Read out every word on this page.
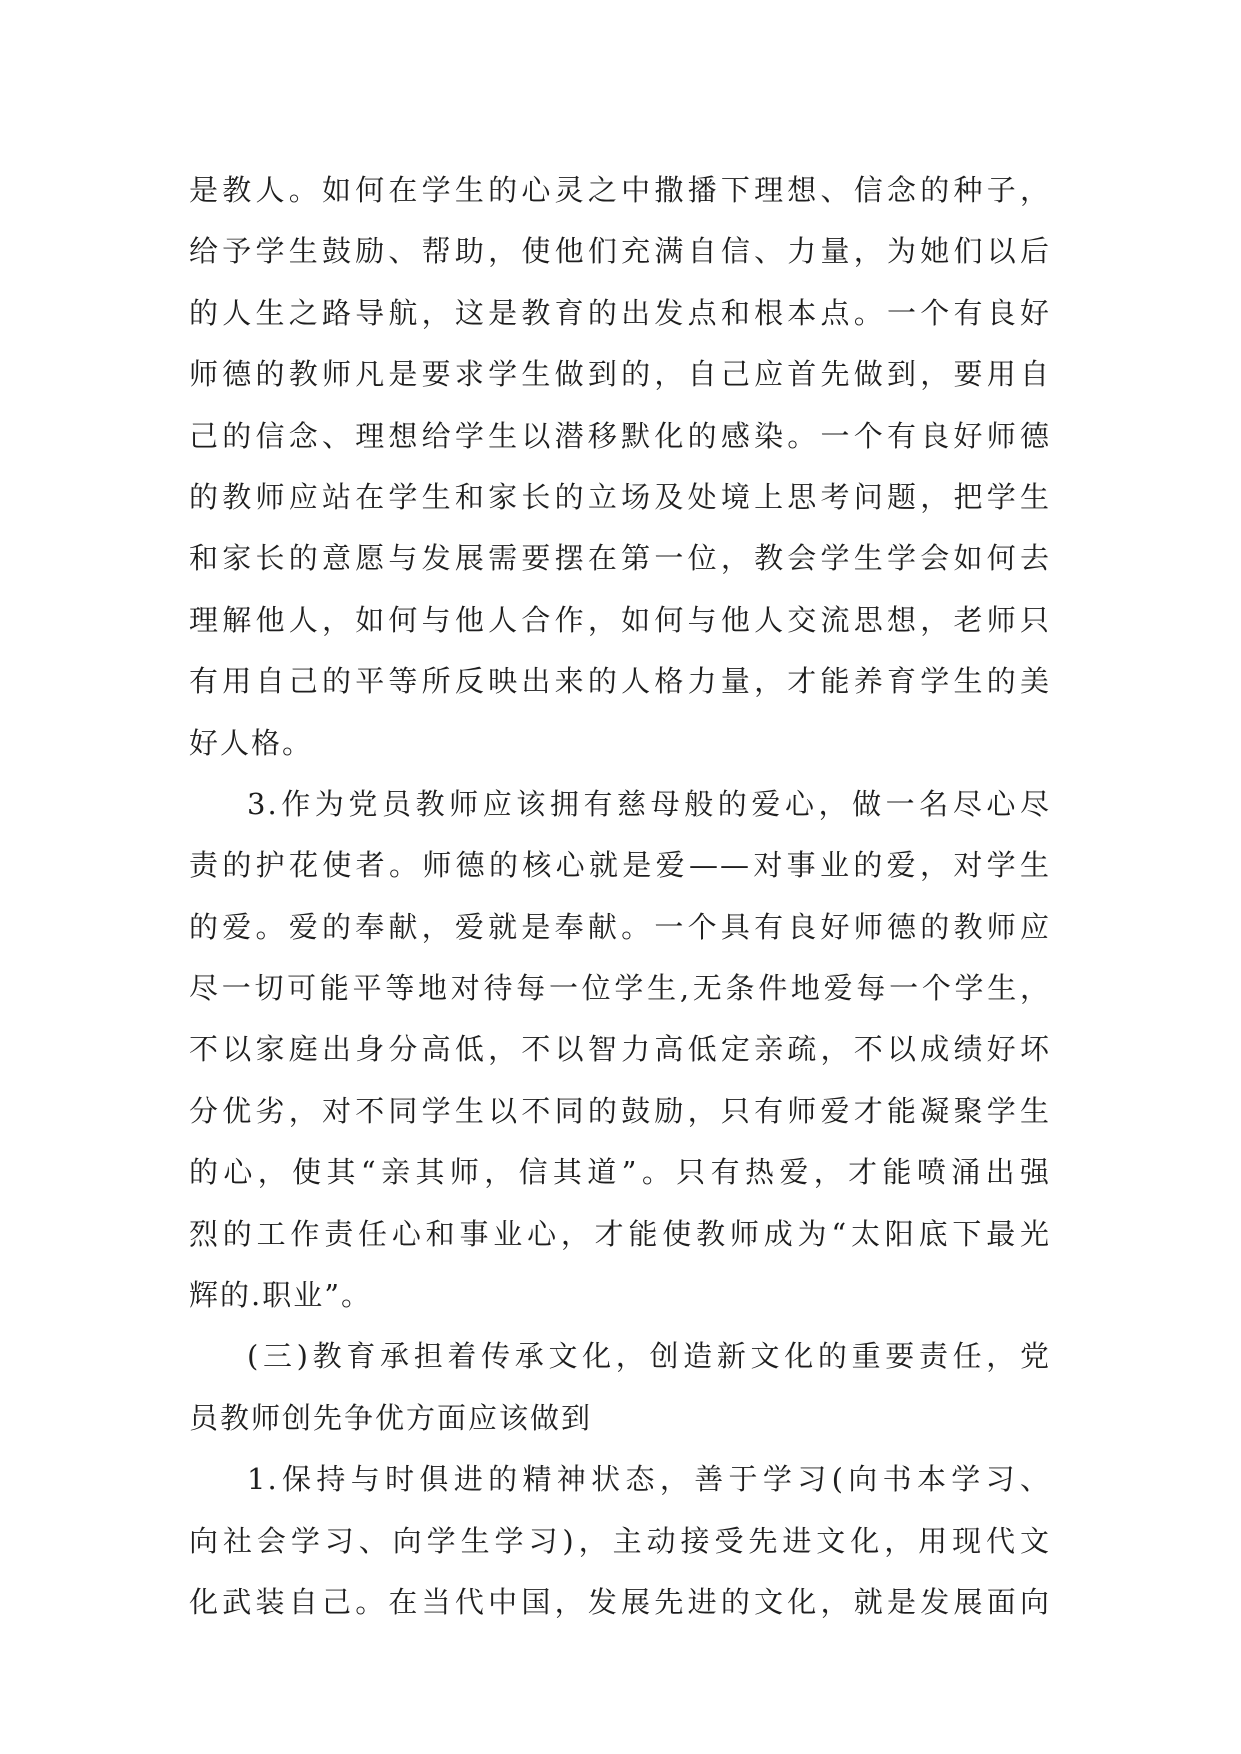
是教人。如何在学生的心灵之中撒播下理想、信念的种子，
给予学生鼓励、帮助，使他们充满自信、力量，为她们以后
的人生之路导航，这是教育的出发点和根本点。一个有良好
师德的教师凡是要求学生做到的，自己应首先做到，要用自
己的信念、理想给学生以潜移默化的感染。一个有良好师德
的教师应站在学生和家长的立场及处境上思考问题，把学生
和家长的意愿与发展需要摆在第一位，教会学生学会如何去
理解他人，如何与他人合作，如何与他人交流思想，老师只
有用自己的平等所反映出来的人格力量，才能养育学生的美
好人格。
3.作为党员教师应该拥有慈母般的爱心，做一名尽心尽
责的护花使者。师德的核心就是爱——对事业的爱，对学生
的爱。爱的奉献，爱就是奉献。一个具有良好师德的教师应
尽一切可能平等地对待每一位学生,无条件地爱每一个学生，
不以家庭出身分高低，不以智力高低定亲疏，不以成绩好坏
分优劣，对不同学生以不同的鼓励，只有师爱才能凝聚学生
的心，使其“亲其师，信其道”。只有热爱，才能喷涌出强
烈的工作责任心和事业心，才能使教师成为“太阳底下最光
辉的.职业”。
(三)教育承担着传承文化，创造新文化的重要责任，党
员教师创先争优方面应该做到
1.保持与时俱进的精神状态，善于学习(向书本学习、
向社会学习、向学生学习)，主动接受先进文化，用现代文
化武装自己。在当代中国，发展先进的文化，就是发展面向
